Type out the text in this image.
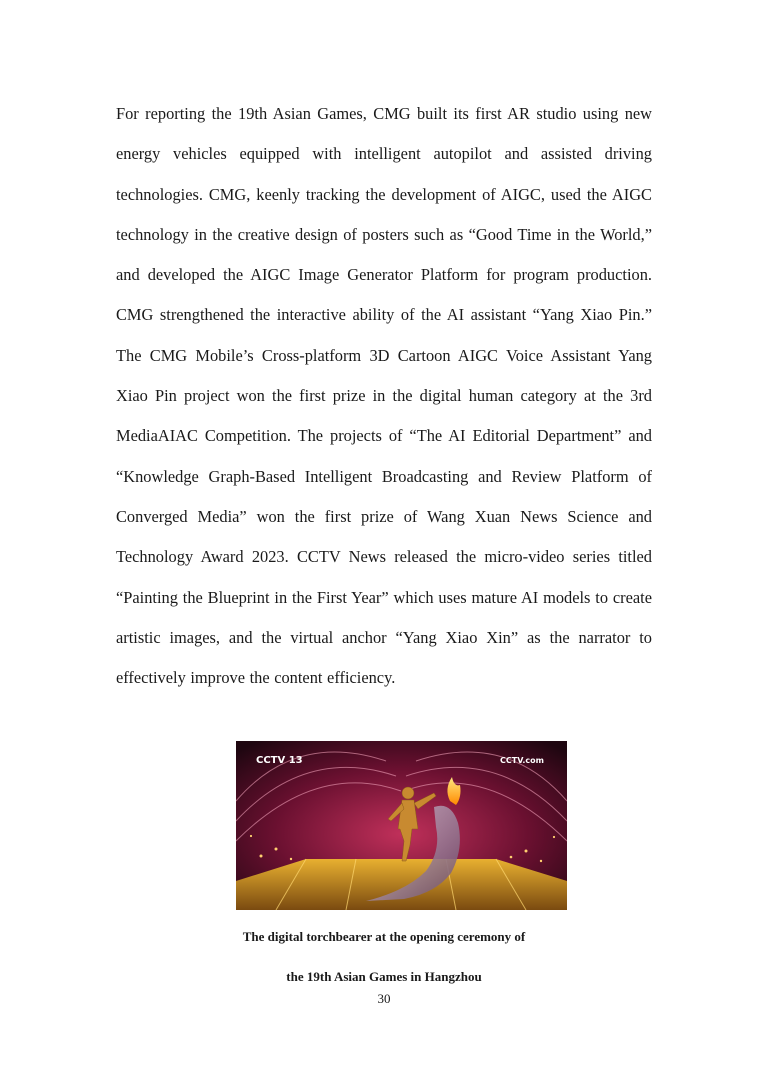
For reporting the 19th Asian Games, CMG built its first AR studio using new energy vehicles equipped with intelligent autopilot and assisted driving technologies. CMG, keenly tracking the development of AIGC, used the AIGC technology in the creative design of posters such as “Good Time in the World,” and developed the AIGC Image Generator Platform for program production. CMG strengthened the interactive ability of the AI assistant “Yang Xiao Pin.” The CMG Mobile’s Cross-platform 3D Cartoon AIGC Voice Assistant Yang Xiao Pin project won the first prize in the digital human category at the 3rd MediaAIAC Competition. The projects of “The AI Editorial Department” and “Knowledge Graph-Based Intelligent Broadcasting and Review Platform of Converged Media” won the first prize of Wang Xuan News Science and Technology Award 2023. CCTV News released the micro-video series titled “Painting the Blueprint in the First Year” which uses mature AI models to create artistic images, and the virtual anchor “Yang Xiao Xin” as the narrator to effectively improve the content efficiency.

CCTV 13	CCTV.com

The digital torchbearer at the opening ceremony of

the 19th Asian Games in Hangzhou

30
